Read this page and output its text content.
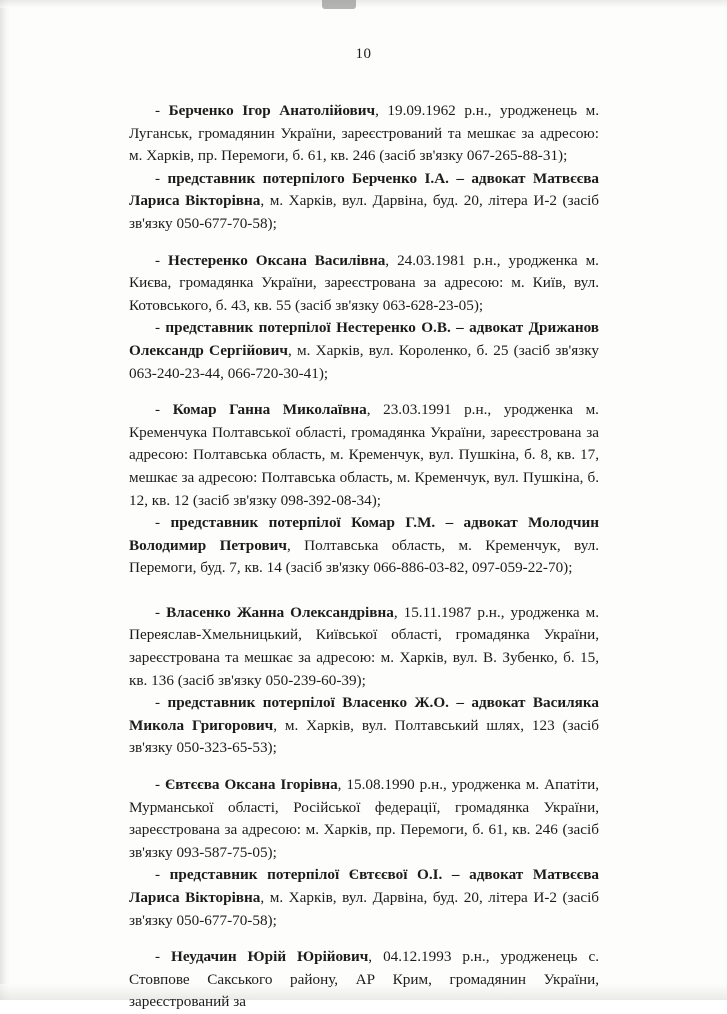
10

- Берченко Ігор Анатолійович, 19.09.1962 р.н., уродженець м. Луганськ, громадянин України, зареєстрований та мешкає за адресою: м. Харків, пр. Перемоги, б. 61, кв. 246 (засіб зв'язку 067-265-88-31);

- представник потерпілого Берченко І.А. – адвокат Матвєєва Лариса Вікторівна, м. Харків, вул. Дарвіна, буд. 20, літера И-2 (засіб зв'язку 050-677-70-58);

- Нестеренко Оксана Василівна, 24.03.1981 р.н., уродженка м. Києва, громадянка України, зареєстрована за адресою: м. Київ, вул. Котовського, б. 43, кв. 55 (засіб зв'язку 063-628-23-05);

- представник потерпілої Нестеренко О.В. – адвокат Дрижанов Олександр Сергійович, м. Харків, вул. Короленко, б. 25 (засіб зв'язку 063-240-23-44, 066-720-30-41);

- Комар Ганна Миколаївна, 23.03.1991 р.н., уродженка м. Кременчука Полтавської області, громадянка України, зареєстрована за адресою: Полтавська область, м. Кременчук, вул. Пушкіна, б. 8, кв. 17, мешкає за адресою: Полтавська область, м. Кременчук, вул. Пушкіна, б. 12, кв. 12 (засіб зв'язку 098-392-08-34);

- представник потерпілої Комар Г.М. – адвокат Молодчин Володимир Петрович, Полтавська область, м. Кременчук, вул. Перемоги, буд. 7, кв. 14 (засіб зв'язку 066-886-03-82, 097-059-22-70);

- Власенко Жанна Олександрівна, 15.11.1987 р.н., уродженка м. Переяслав-Хмельницький, Київської області, громадянка України, зареєстрована та мешкає за адресою: м. Харків, вул. В. Зубенко, б. 15, кв. 136 (засіб зв'язку 050-239-60-39);

- представник потерпілої Власенко Ж.О. – адвокат Василяка Микола Григорович, м. Харків, вул. Полтавський шлях, 123 (засіб зв'язку 050-323-65-53);

- Євтєєва Оксана Ігорівна, 15.08.1990 р.н., уродженка м. Апатіти, Мурманської області, Російської федерації, громадянка України, зареєстрована за адресою: м. Харків, пр. Перемоги, б. 61, кв. 246 (засіб зв'язку 093-587-75-05);

- представник потерпілої Євтєєвої О.І. – адвокат Матвєєва Лариса Вікторівна, м. Харків, вул. Дарвіна, буд. 20, літера И-2 (засіб зв'язку 050-677-70-58);

- Неудачин Юрій Юрійович, 04.12.1993 р.н., уродженець с. Стовпове Сакського району, АР Крим, громадянин України, зареєстрований за
